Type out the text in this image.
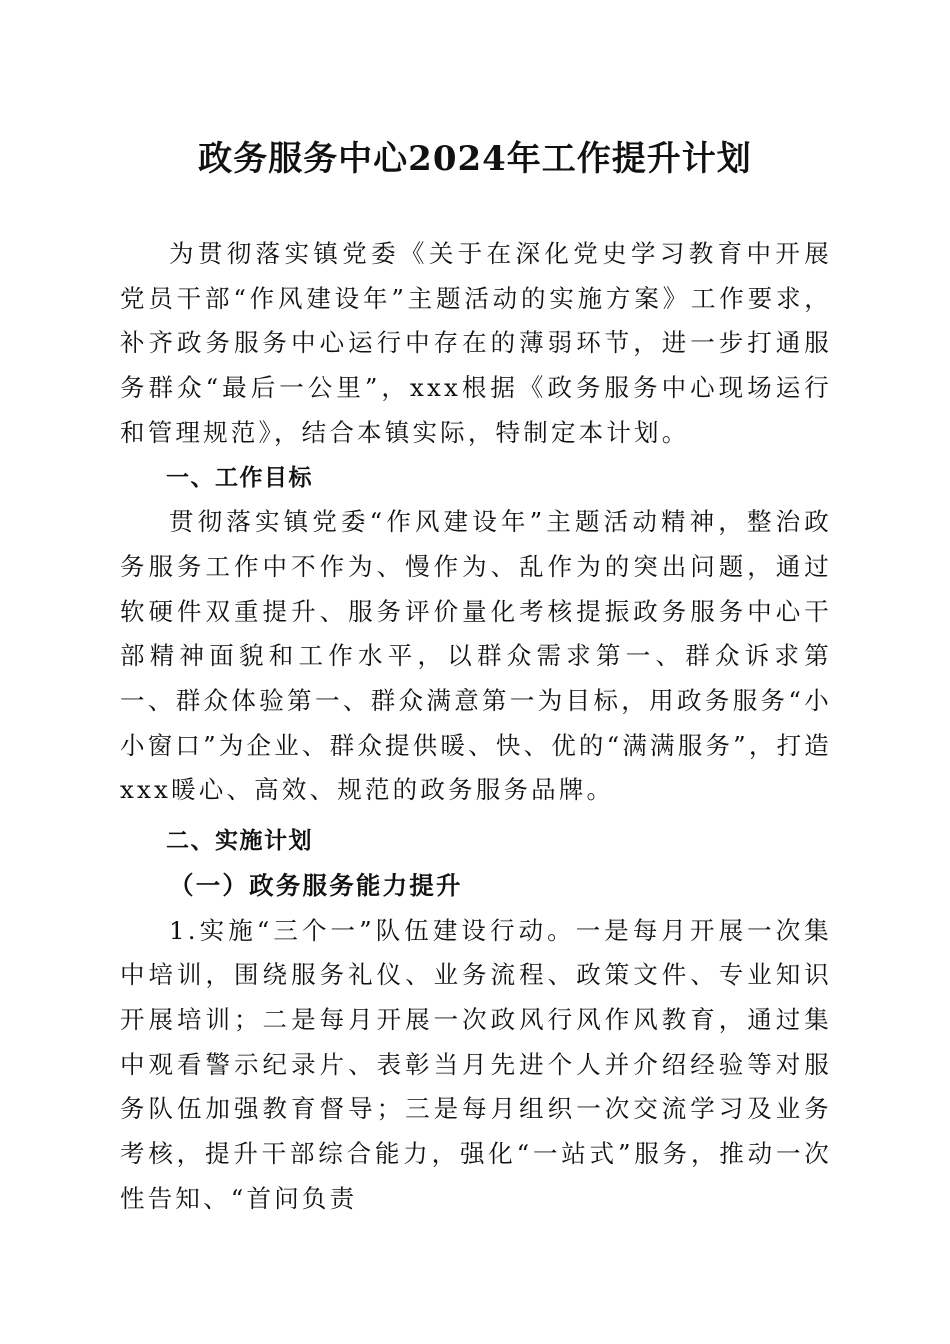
政务服务中心2024年工作提升计划

为贯彻落实镇党委《关于在深化党史学习教育中开展党员干部“作风建设年”主题活动的实施方案》工作要求，补齐政务服务中心运行中存在的薄弱环节，进一步打通服务群众“最后一公里”，xxx根据《政务服务中心现场运行和管理规范》，结合本镇实际，特制定本计划。

一、工作目标

贯彻落实镇党委“作风建设年”主题活动精神，整治政务服务工作中不作为、慢作为、乱作为的突出问题，通过软硬件双重提升、服务评价量化考核提振政务服务中心干部精神面貌和工作水平，以群众需求第一、群众诉求第一、群众体验第一、群众满意第一为目标，用政务服务“小小窗口”为企业、群众提供暖、快、优的“满满服务”，打造xxx暖心、高效、规范的政务服务品牌。

二、实施计划

（一）政务服务能力提升

1.实施“三个一”队伍建设行动。一是每月开展一次集中培训，围绕服务礼仪、业务流程、政策文件、专业知识开展培训；二是每月开展一次政风行风作风教育，通过集中观看警示纪录片、表彰当月先进个人并介绍经验等对服务队伍加强教育督导；三是每月组织一次交流学习及业务考核，提升干部综合能力，强化“一站式”服务，推动一次性告知、“首问负责
